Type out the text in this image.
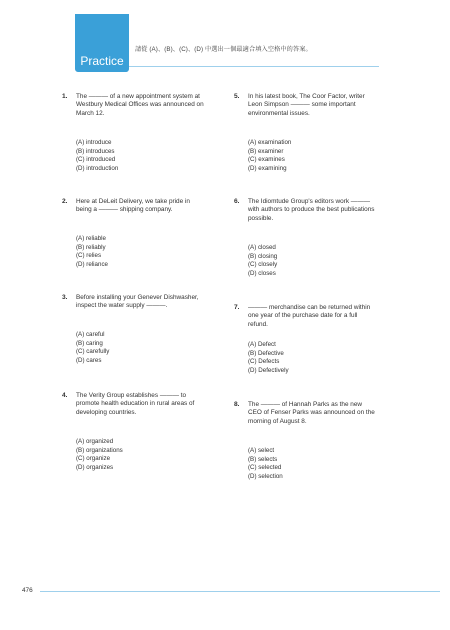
Practice
請從 (A)、(B)、(C)、(D) 中選出一個最適合填入空格中的答案。
1. The ——— of a new appointment system at Westbury Medical Offices was announced on March 12.
(A) introduce
(B) introduces
(C) introduced
(D) introduction
2. Here at DeLeit Delivery, we take pride in being a ——— shipping company.
(A) reliable
(B) reliably
(C) relies
(D) reliance
3. Before installing your Genever Dishwasher, inspect the water supply ———.
(A) careful
(B) caring
(C) carefully
(D) cares
4. The Verity Group establishes ——— to promote health education in rural areas of developing countries.
(A) organized
(B) organizations
(C) organize
(D) organizes
5. In his latest book, The Coor Factor, writer Leon Simpson ——— some important environmental issues.
(A) examination
(B) examiner
(C) examines
(D) examining
6. The Idiomtude Group's editors work ——— with authors to produce the best publications possible.
(A) closed
(B) closing
(C) closely
(D) closes
7. ——— merchandise can be returned within one year of the purchase date for a full refund.
(A) Defect
(B) Defective
(C) Defects
(D) Defectively
8. The ——— of Hannah Parks as the new CEO of Fenser Parks was announced on the morning of August 8.
(A) select
(B) selects
(C) selected
(D) selection
476
